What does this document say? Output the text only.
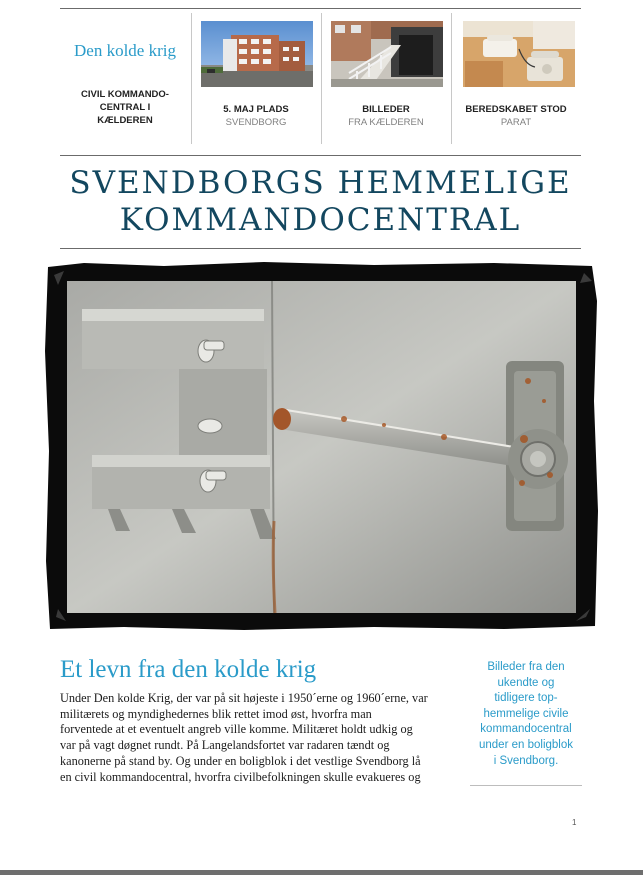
Den kolde krig
CIVIL KOMMANDO-
CENTRAL I
KÆLDEREN
5. MAJ PLADS
SVENDBORG
BILLEDER
FRA KÆLDEREN
BEREDSKABET STOD
PARAT
SVENDBORGS HEMMELIGE
KOMMANDOCENTRAL
Et levn fra den kolde krig
Under Den kolde Krig, der var på sit højeste i 1950´erne og 1960´erne, var
militærets og myndighedernes blik rettet imod øst, hvorfra man
forventede at et eventuelt angreb ville komme. Militæret holdt udkig og
var på vagt døgnet rundt. På Langelandsfortet var radaren tændt og
kanonerne på stand by. Og under en boligblok i det vestlige Svendborg lå
en civil kommandocentral, hvorfra civilbefolkningen skulle evakueres og
Billeder fra den
ukendte og
tidligere top-
hemmelige civile
kommandocentral
under en boligblok
i Svendborg.
1
